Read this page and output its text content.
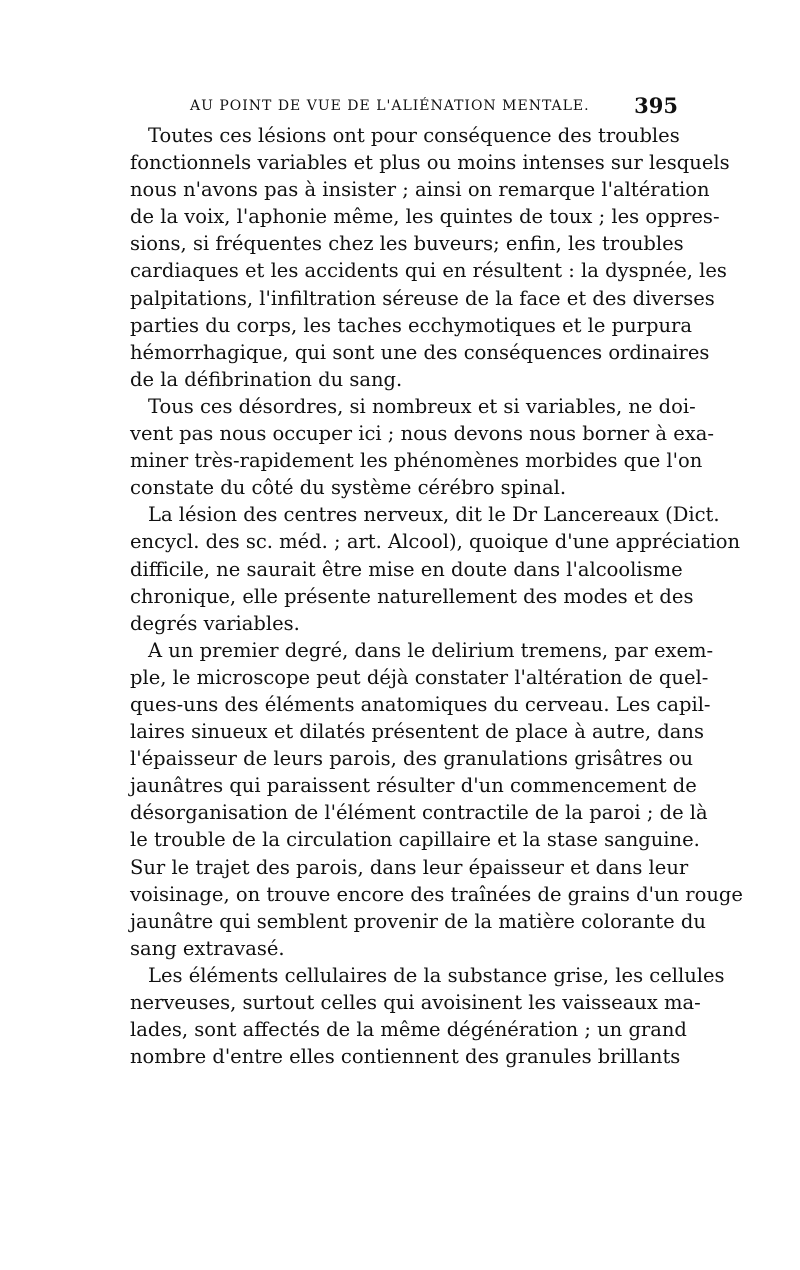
AU POINT DE VUE DE L'ALIÉNATION MENTALE. 395
Toutes ces lésions ont pour conséquence des troubles
fonctionnels variables et plus ou moins intenses sur lesquels
nous n'avons pas à insister ; ainsi on remarque l'altération
de la voix, l'aphonie même, les quintes de toux ; les oppres-
sions, si fréquentes chez les buveurs; enfin, les troubles
cardiaques et les accidents qui en résultent : la dyspnée, les
palpitations, l'infiltration séreuse de la face et des diverses
parties du corps, les taches ecchymotiques et le purpura
hémorrhagique, qui sont une des conséquences ordinaires
de la défibrination du sang.
Tous ces désordres, si nombreux et si variables, ne doi-
vent pas nous occuper ici ; nous devons nous borner à exa-
miner très-rapidement les phénomènes morbides que l'on
constate du côté du système cérébro spinal.
La lésion des centres nerveux, dit le Dr Lancereaux (Dict.
encycl. des sc. méd. ; art. Alcool), quoique d'une appréciation
difficile, ne saurait être mise en doute dans l'alcoolisme
chronique, elle présente naturellement des modes et des
degrés variables.
A un premier degré, dans le delirium tremens, par exem-
ple, le microscope peut déjà constater l'altération de quel-
ques-uns des éléments anatomiques du cerveau. Les capil-
laires sinueux et dilatés présentent de place à autre, dans
l'épaisseur de leurs parois, des granulations grisâtres ou
jaunâtres qui paraissent résulter d'un commencement de
désorganisation de l'élément contractile de la paroi ; de là
le trouble de la circulation capillaire et la stase sanguine.
Sur le trajet des parois, dans leur épaisseur et dans leur
voisinage, on trouve encore des traînées de grains d'un rouge
jaunâtre qui semblent provenir de la matière colorante du
sang extravasé.
Les éléments cellulaires de la substance grise, les cellules
nerveuses, surtout celles qui avoisinent les vaisseaux ma-
lades, sont affectés de la même dégénération ; un grand
nombre d'entre elles contiennent des granules brillants
